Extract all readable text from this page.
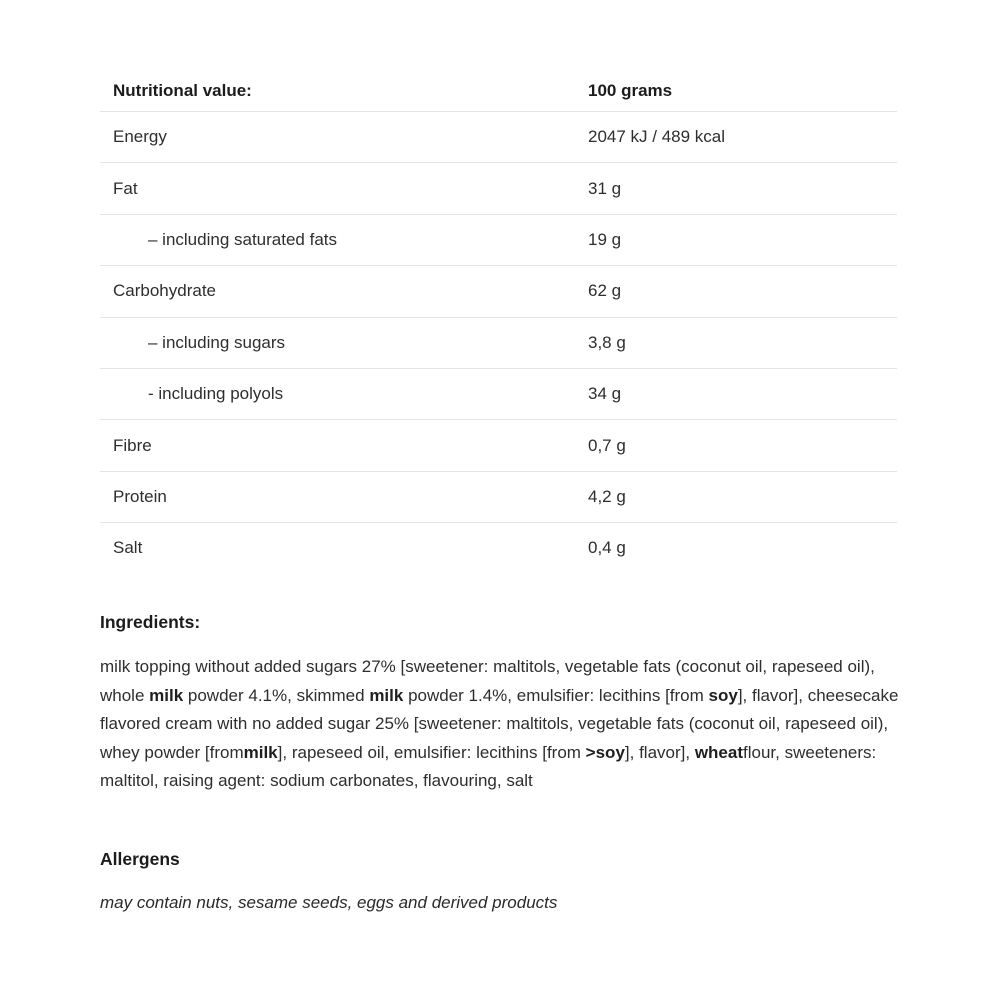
Nutritional value:	100 grams
Energy	2047 kJ / 489 kcal
Fat	31 g
– including saturated fats	19 g
Carbohydrate	62 g
– including sugars	3,8 g
- including polyols	34 g
Fibre	0,7 g
Protein	4,2 g
Salt	0,4 g
Ingredients:
milk topping without added sugars 27% [sweetener: maltitols, vegetable fats (coconut oil, rapeseed oil), whole milk powder 4.1%, skimmed milk powder 1.4%, emulsifier: lecithins [from soy], flavor], cheesecake flavored cream with no added sugar 25% [sweetener: maltitols, vegetable fats (coconut oil, rapeseed oil), whey powder [frommilk], rapeseed oil, emulsifier: lecithins [from >soy], flavor], wheatflour, sweeteners: maltitol, raising agent: sodium carbonates, flavouring, salt
Allergens
may contain nuts, sesame seeds, eggs and derived products
